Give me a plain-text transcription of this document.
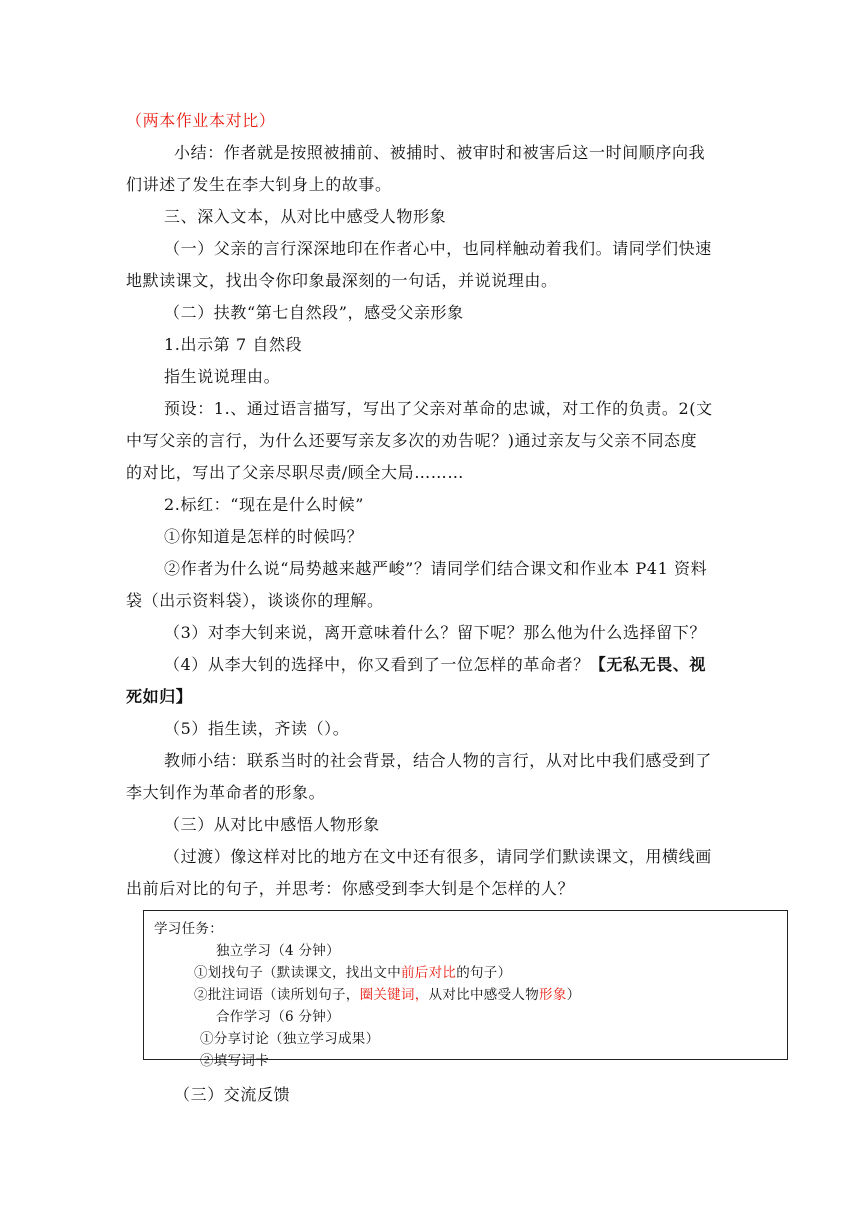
（两本作业本对比）
小结：作者就是按照被捕前、被捕时、被审时和被害后这一时间顺序向我
们讲述了发生在李大钊身上的故事。
三、深入文本，从对比中感受人物形象
（一）父亲的言行深深地印在作者心中，也同样触动着我们。请同学们快速
地默读课文，找出令你印象最深刻的一句话，并说说理由。
（二）扶教“第七自然段”，感受父亲形象
1.出示第 7 自然段
指生说说理由。
预设：1.、通过语言描写，写出了父亲对革命的忠诚，对工作的负责。2(文
中写父亲的言行，为什么还要写亲友多次的劝告呢？)通过亲友与父亲不同态度
的对比，写出了父亲尽职尽责/顾全大局………
2.标红：“现在是什么时候”
①你知道是怎样的时候吗？
②作者为什么说“局势越来越严峻”？请同学们结合课文和作业本 P41 资料
袋（出示资料袋），谈谈你的理解。
（3）对李大钊来说，离开意味着什么？留下呢？那么他为什么选择留下？
（4）从李大钊的选择中，你又看到了一位怎样的革命者？【无私无畏、视
死如归】
（5）指生读，齐读（）。
教师小结：联系当时的社会背景，结合人物的言行，从对比中我们感受到了
李大钊作为革命者的形象。
（三）从对比中感悟人物形象
（过渡）像这样对比的地方在文中还有很多，请同学们默读课文，用横线画
出前后对比的句子，并思考：你感受到李大钊是个怎样的人？
学习任务：
独立学习（4 分钟）
①划找句子（默读课文，找出文中前后对比的句子）
②批注词语（读所划句子，圈关键词，从对比中感受人物形象）
合作学习（6 分钟）
①分享讨论（独立学习成果）
②填写词卡
（三）交流反馈
